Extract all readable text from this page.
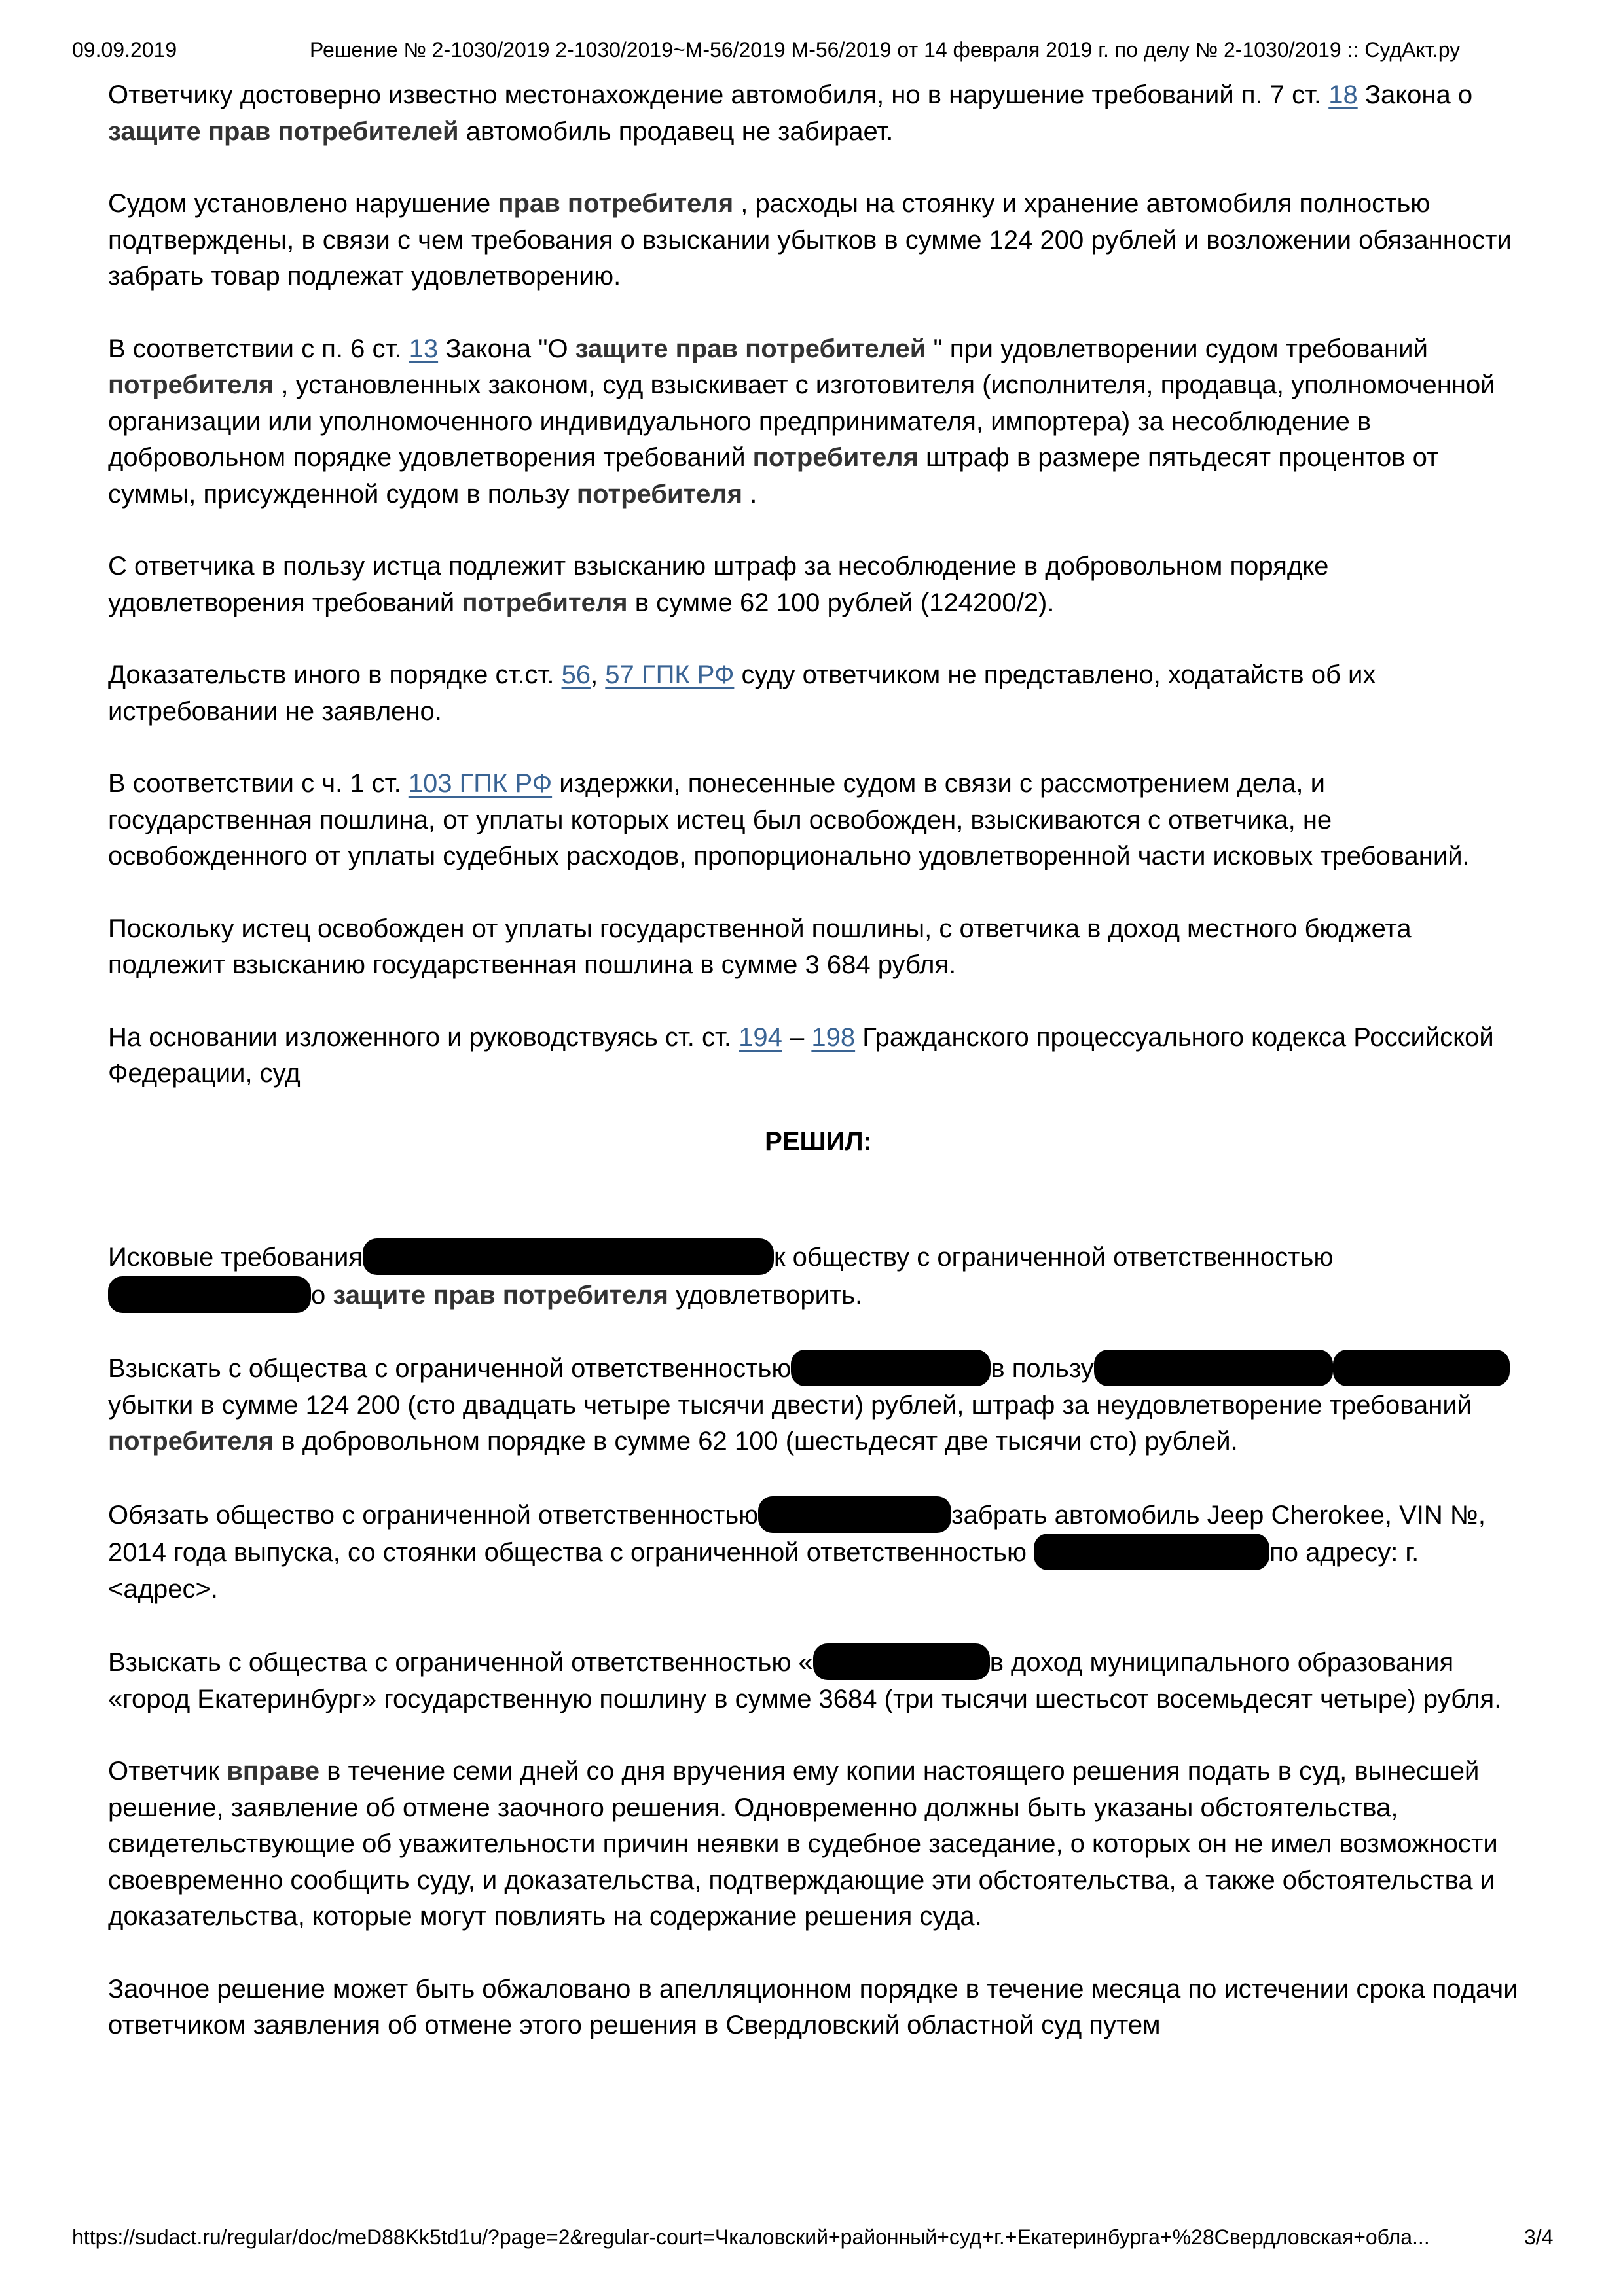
09.09.2019	Решение № 2-1030/2019 2-1030/2019~М-56/2019 М-56/2019 от 14 февраля 2019 г. по делу № 2-1030/2019 :: СудАкт.ру

Ответчику достоверно известно местонахождение автомобиля, но в нарушение требований п. 7 ст. 18 Закона о защите прав потребителей автомобиль продавец не забирает.

Судом установлено нарушение прав потребителя , расходы на стоянку и хранение автомобиля полностью подтверждены, в связи с чем требования о взыскании убытков в сумме 124 200 рублей и возложении обязанности забрать товар подлежат удовлетворению.

В соответствии с п. 6 ст. 13 Закона "О защите прав потребителей " при удовлетворении судом требований потребителя , установленных законом, суд взыскивает с изготовителя (исполнителя, продавца, уполномоченной организации или уполномоченного индивидуального предпринимателя, импортера) за несоблюдение в добровольном порядке удовлетворения требований потребителя штраф в размере пятьдесят процентов от суммы, присужденной судом в пользу потребителя .

С ответчика в пользу истца подлежит взысканию штраф за несоблюдение в добровольном порядке удовлетворения требований потребителя в сумме 62 100 рублей (124200/2).

Доказательств иного в порядке ст.ст. 56, 57 ГПК РФ суду ответчиком не представлено, ходатайств об их истребовании не заявлено.

В соответствии с ч. 1 ст. 103 ГПК РФ издержки, понесенные судом в связи с рассмотрением дела, и государственная пошлина, от уплаты которых истец был освобожден, взыскиваются с ответчика, не освобожденного от уплаты судебных расходов, пропорционально удовлетворенной части исковых требований.

Поскольку истец освобожден от уплаты государственной пошлины, с ответчика в доход местного бюджета подлежит взысканию государственная пошлина в сумме 3 684 рубля.

На основании изложенного и руководствуясь ст. ст. 194 – 198 Гражданского процессуального кодекса Российской Федерации, суд

РЕШИЛ:

Исковые требования	к обществу с ограниченной ответственностью о защите прав потребителя удовлетворить.

Взыскать с общества с ограниченной ответственностью	в пользуубытки в сумме 124 200 (сто двадцать четыре тысячи двести) рублей, штраф за неудовлетворение требований потребителя в добровольном порядке в сумме 62 100 (шестьдесят две тысячи сто) рублей.

Обязать общество с ограниченной ответственностью	забрать автомобиль Jeep Cherokee, VIN №, 2014 года выпуска, со стоянки общества с ограниченной ответственностью	по адресу: г. <адрес>.

Взыскать с общества с ограниченной ответственностью «	в доход муниципального образования «город Екатеринбург» государственную пошлину в сумме 3684 (три тысячи шестьсот восемьдесят четыре) рубля.

Ответчик вправе в течение семи дней со дня вручения ему копии настоящего решения подать в суд, вынесшей решение, заявление об отмене заочного решения. Одновременно должны быть указаны обстоятельства, свидетельствующие об уважительности причин неявки в судебное заседание, о которых он не имел возможности своевременно сообщить суду, и доказательства, подтверждающие эти обстоятельства, а также обстоятельства и доказательства, которые могут повлиять на содержание решения суда.

Заочное решение может быть обжаловано в апелляционном порядке в течение месяца по истечении срока подачи ответчиком заявления об отмене этого решения в Свердловский областной суд путем

https://sudact.ru/regular/doc/meD88Kk5td1u/?page=2&regular-court=Чкаловский+районный+суд+г.+Екатеринбурга+%28Свердловская+обла...	3/4
